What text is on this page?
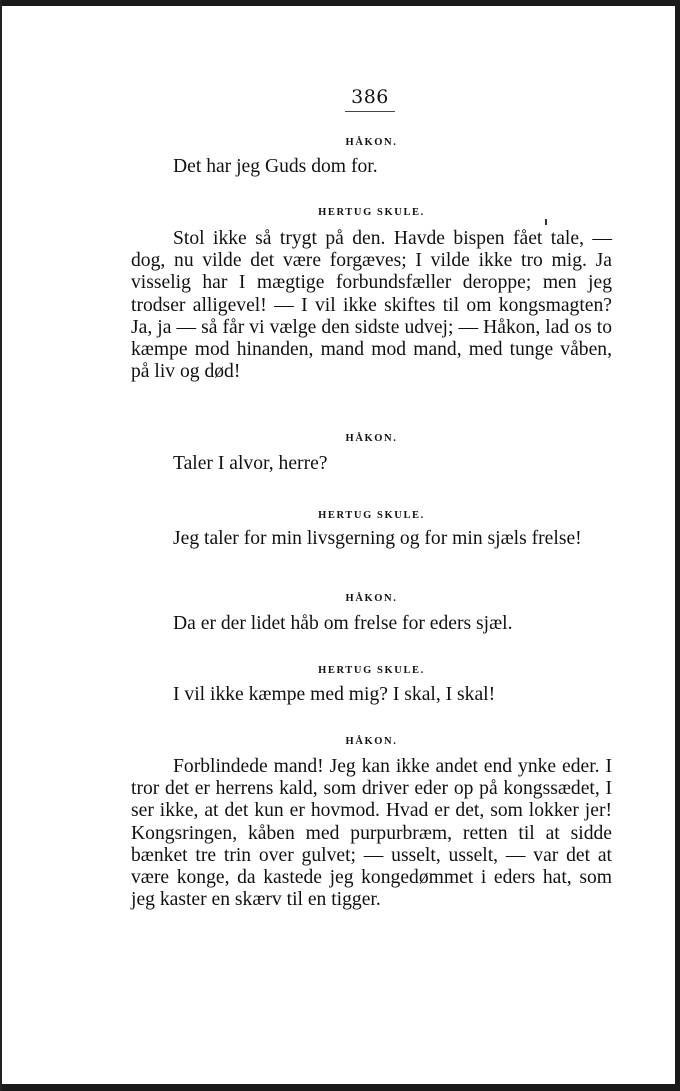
386
HÅKON.
Det har jeg Guds dom for.
HERTUG SKULE.
Stol ikke så trygt på den. Havde bispen fået tale, — dog, nu vilde det være forgæves; I vilde ikke tro mig. Ja visselig har I mægtige forbundsfæller deroppe; men jeg trodser alligevel! — I vil ikke skiftes til om kongsmagten? Ja, ja — så får vi vælge den sidste udvej; — Håkon, lad os to kæmpe mod hinanden, mand mod mand, med tunge våben, på liv og død!
HÅKON.
Taler I alvor, herre?
HERTUG SKULE.
Jeg taler for min livsgerning og for min sjæls frelse!
HÅKON.
Da er der lidet håb om frelse for eders sjæl.
HERTUG SKULE.
I vil ikke kæmpe med mig? I skal, I skal!
HÅKON.
Forblindede mand! Jeg kan ikke andet end ynke eder. I tror det er herrens kald, som driver eder op på kongssædet, I ser ikke, at det kun er hovmod. Hvad er det, som lokker jer! Kongsringen, kåben med purpurbræm, retten til at sidde bænket tre trin over gulvet; — usselt, usselt, — var det at være konge, da kastede jeg kongedømmet i eders hat, som jeg kaster en skærv til en tigger.
